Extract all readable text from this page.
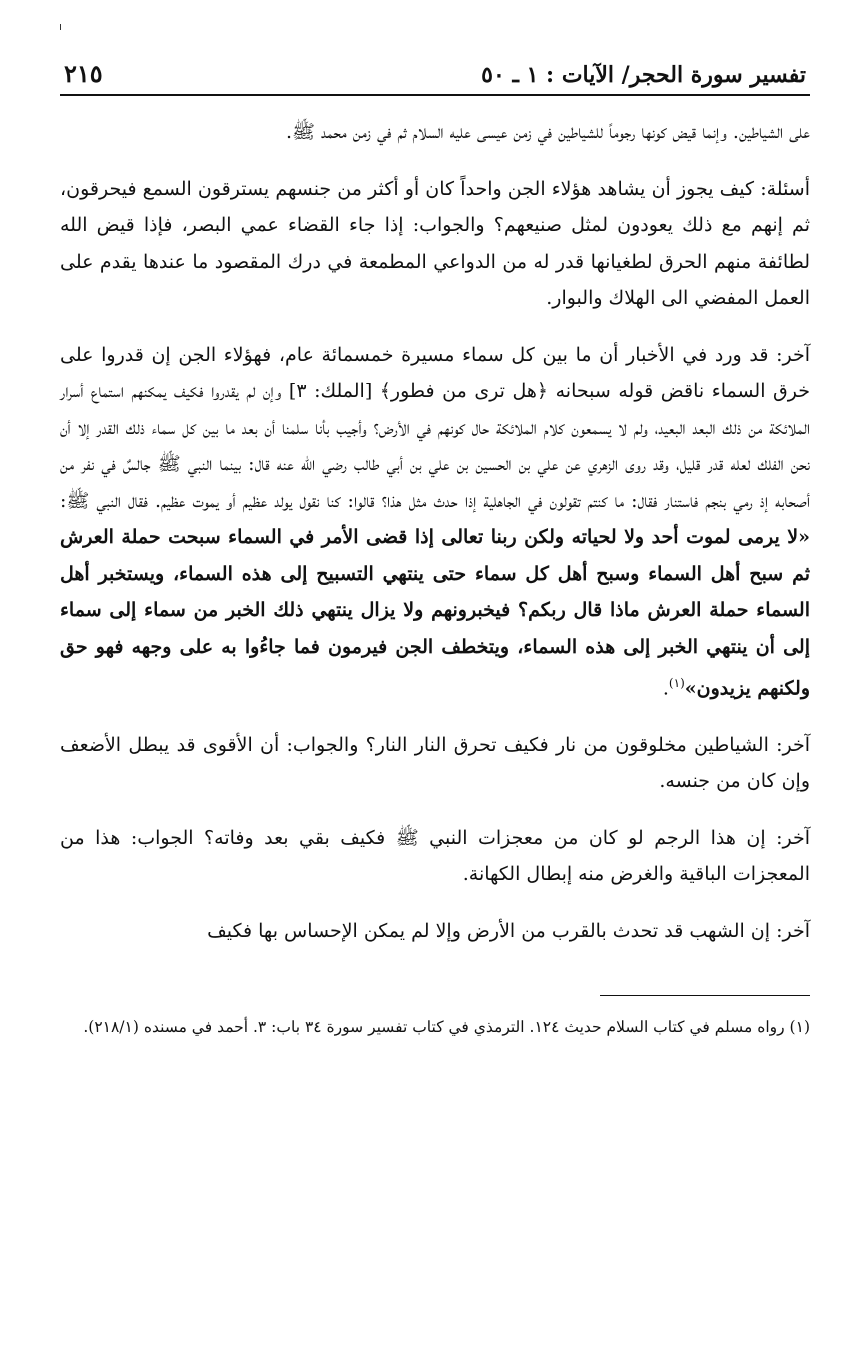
تفسير سورة الحجر/ الآيات : ١ ـ ٥٠
٢١٥

على الشياطين. وإنما قيض كونها رجوماً للشياطين في زمن عيسى عليه السلام ثم في زمن محمد ﷺ.

أسئلة: كيف يجوز أن يشاهد هؤلاء الجن واحداً كان أو أكثر من جنسهم يسترقون السمع فيحرقون، ثم إنهم مع ذلك يعودون لمثل صنيعهم؟ والجواب: إذا جاء القضاء عمي البصر، فإذا قيض الله لطائفة منهم الحرق لطغيانها قدر له من الدواعي المطمعة في درك المقصود ما عندها يقدم على العمل المفضي الى الهلاك والبوار.

آخر: قد ورد في الأخبار أن ما بين كل سماء مسيرة خمسمائة عام، فهؤلاء الجن إن قدروا على خرق السماء ناقض قوله سبحانه ﴿هل ترى من فطور﴾ [الملك: ٣] وإن لم يقدروا فكيف يمكنهم استماع أسرار الملائكة من ذلك البعد البعيد، ولم لا يسمعون كلام الملائكة حال كونهم في الأرض؟ وأجيب بأنا سلمنا أن بعد ما بين كل سماء ذلك القدر إلا أن نحن الفلك لعله قدر قليل، وقد روى الزهري عن علي بن الحسين بن علي بن أبي طالب رضي الله عنه قال: بينما النبي ﷺ جالسٌ في نفر من أصحابه إذ رمي بنجم فاستنار فقال: ما كنتم تقولون في الجاهلية إذا حدث مثل هذا؟ قالوا: كنا نقول يولد عظيم أو يموت عظيم. فقال النبي ﷺ: «لا يرمى لموت أحد ولا لحياته ولكن ربنا تعالى إذا قضى الأمر في السماء سبحت حملة العرش ثم سبح أهل السماء وسبح أهل كل سماء حتى ينتهي التسبيح إلى هذه السماء، ويستخبر أهل السماء حملة العرش ماذا قال ربكم؟ فيخبرونهم ولا يزال ينتهي ذلك الخبر من سماء إلى سماء إلى أن ينتهي الخبر إلى هذه السماء، ويتخطف الجن فيرمون فما جاءُوا به على وجهه فهو حق ولكنهم يزيدون»$^{(١)}$.

آخر: الشياطين مخلوقون من نار فكيف تحرق النار النار؟ والجواب: أن الأقوى قد يبطل الأضعف وإن كان من جنسه.

آخر: إن هذا الرجم لو كان من معجزات النبي ﷺ فكيف بقي بعد وفاته؟ الجواب: هذا من المعجزات الباقية والغرض منه إبطال الكهانة.

آخر: إن الشهب قد تحدث بالقرب من الأرض وإلا لم يمكن الإحساس بها فكيف

(١) رواه مسلم في كتاب السلام حديث ١٢٤. الترمذي في كتاب تفسير سورة ٣٤ باب: ٣. أحمد في مسنده (٢١٨/١).
